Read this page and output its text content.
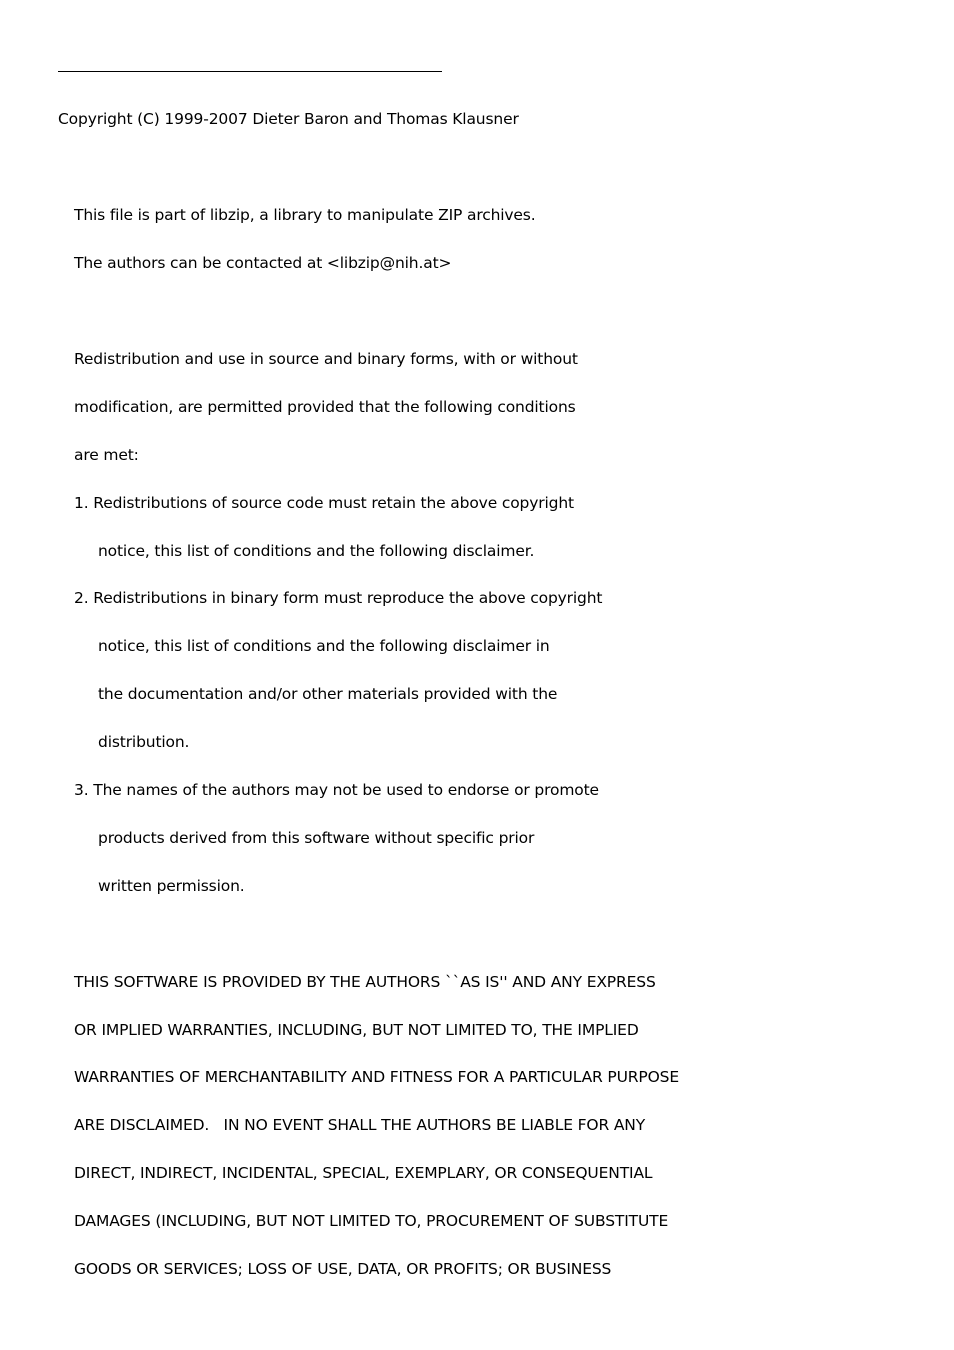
Copyright (C) 1999-2007 Dieter Baron and Thomas Klausner
This file is part of libzip, a library to manipulate ZIP archives.
The authors can be contacted at <libzip@nih.at>
Redistribution and use in source and binary forms, with or without
modification, are permitted provided that the following conditions
are met:
1. Redistributions of source code must retain the above copyright
notice, this list of conditions and the following disclaimer.
2. Redistributions in binary form must reproduce the above copyright
notice, this list of conditions and the following disclaimer in
the documentation and/or other materials provided with the
distribution.
3. The names of the authors may not be used to endorse or promote
products derived from this software without specific prior
written permission.
THIS SOFTWARE IS PROVIDED BY THE AUTHORS ``AS IS'' AND ANY EXPRESS
OR IMPLIED WARRANTIES, INCLUDING, BUT NOT LIMITED TO, THE IMPLIED
WARRANTIES OF MERCHANTABILITY AND FITNESS FOR A PARTICULAR PURPOSE
ARE DISCLAIMED.   IN NO EVENT SHALL THE AUTHORS BE LIABLE FOR ANY
DIRECT, INDIRECT, INCIDENTAL, SPECIAL, EXEMPLARY, OR CONSEQUENTIAL
DAMAGES (INCLUDING, BUT NOT LIMITED TO, PROCUREMENT OF SUBSTITUTE
GOODS OR SERVICES; LOSS OF USE, DATA, OR PROFITS; OR BUSINESS
